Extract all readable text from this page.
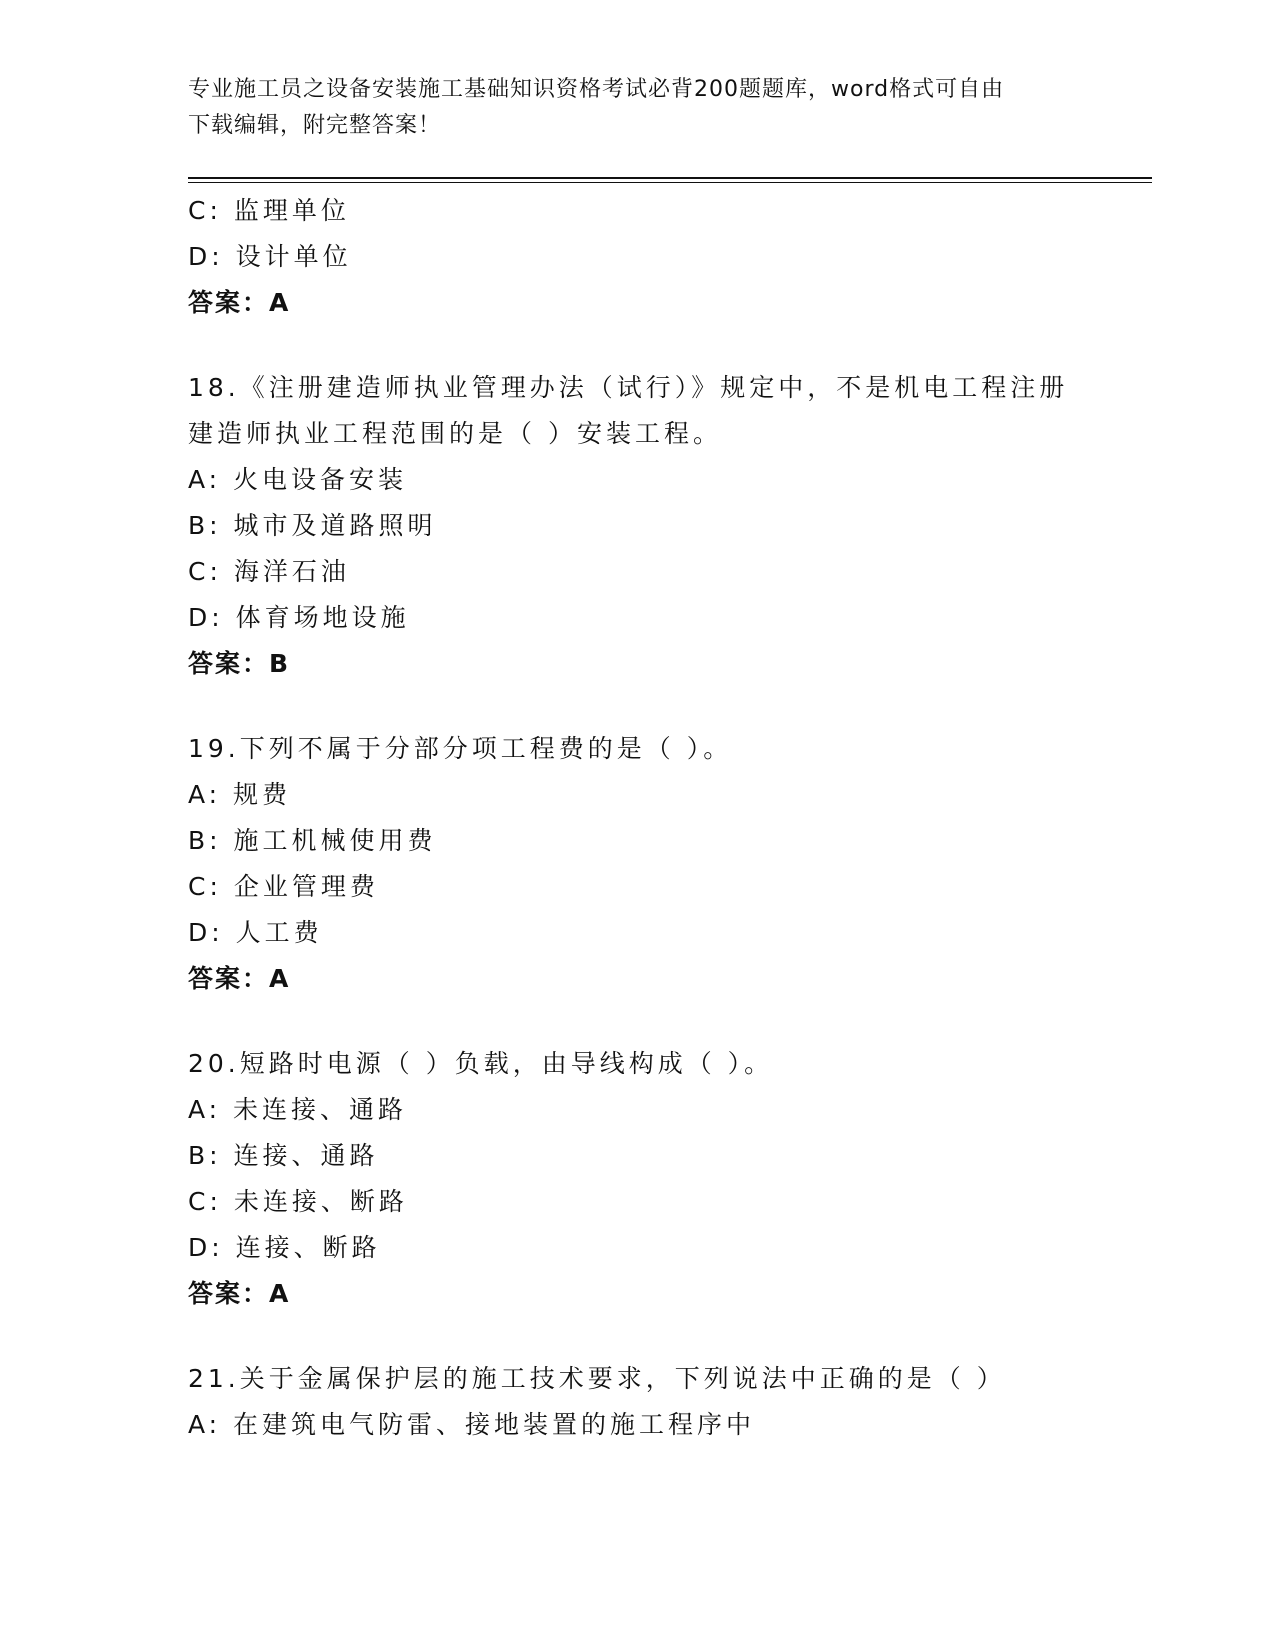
专业施工员之设备安装施工基础知识资格考试必背200题题库，word格式可自由
下载编辑，附完整答案！
C: 监理单位
D: 设计单位
答案：A
18.《注册建造师执业管理办法（试行）》规定中，不是机电工程注册
建造师执业工程范围的是（ ）安装工程。
A: 火电设备安装
B: 城市及道路照明
C: 海洋石油
D: 体育场地设施
答案：B
19.下列不属于分部分项工程费的是（ ）。
A: 规费
B: 施工机械使用费
C: 企业管理费
D: 人工费
答案：A
20.短路时电源（ ）负载，由导线构成（ ）。
A: 未连接、通路
B: 连接、通路
C: 未连接、断路
D: 连接、断路
答案：A
21.关于金属保护层的施工技术要求，下列说法中正确的是（ ）
A: 在建筑电气防雷、接地装置的施工程序中
